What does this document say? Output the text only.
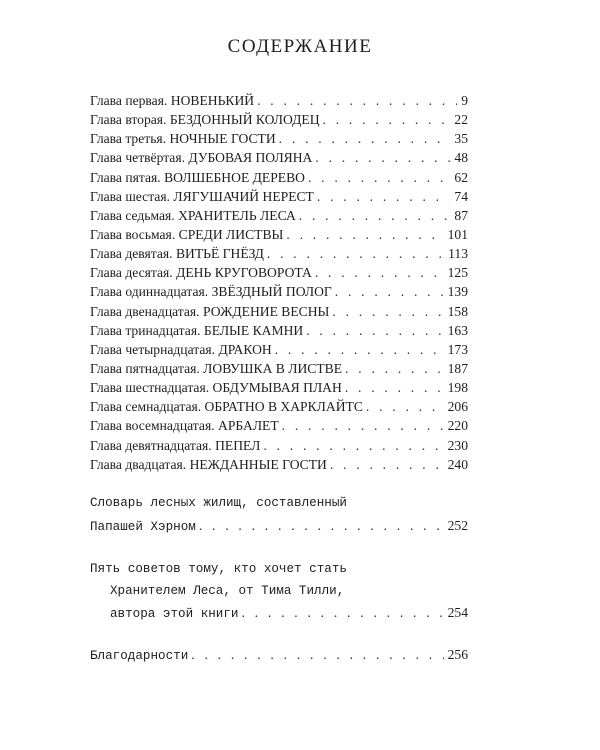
СОДЕРЖАНИЕ
Глава первая. НОВЕНЬКИЙ . . .	9
Глава вторая. БЕЗДОННЫЙ КОЛОДЕЦ . . .	22
Глава третья. НОЧНЫЕ ГОСТИ . . .	35
Глава четвёртая. ДУБОВАЯ ПОЛЯНА . . .	48
Глава пятая. ВОЛШЕБНОЕ ДЕРЕВО . . .	62
Глава шестая. ЛЯГУШАЧИЙ НЕРЕСТ . . .	74
Глава седьмая. ХРАНИТЕЛЬ ЛЕСА . . .	87
Глава восьмая. СРЕДИ ЛИСТВЫ . . .	101
Глава девятая. ВИТЬЁ ГНЁЗД . . .	113
Глава десятая. ДЕНЬ КРУГОВОРОТА . . .	125
Глава одиннадцатая. ЗВЁЗДНЫЙ ПОЛОГ . . .	139
Глава двенадцатая. РОЖДЕНИЕ ВЕСНЫ . . .	158
Глава тринадцатая. БЕЛЫЕ КАМНИ . . .	163
Глава четырнадцатая. ДРАКОН . . .	173
Глава пятнадцатая. ЛОВУШКА В ЛИСТВЕ . . .	187
Глава шестнадцатая. ОБДУМЫВАЯ ПЛАН . . .	198
Глава семнадцатая. ОБРАТНО В ХАРКЛАЙТС . . .	206
Глава восемнадцатая. АРБАЛЕТ . . .	220
Глава девятнадцатая. ПЕПЕЛ . . .	230
Глава двадцатая. НЕЖДАННЫЕ ГОСТИ . . .	240
Словарь лесных жилищ, составленный
Папашей Хэрном . . .	252
Пять советов тому, кто хочет стать
Хранителем Леса, от Тима Тилли,
автора этой книги . . .	254
Благодарности . . .	256
